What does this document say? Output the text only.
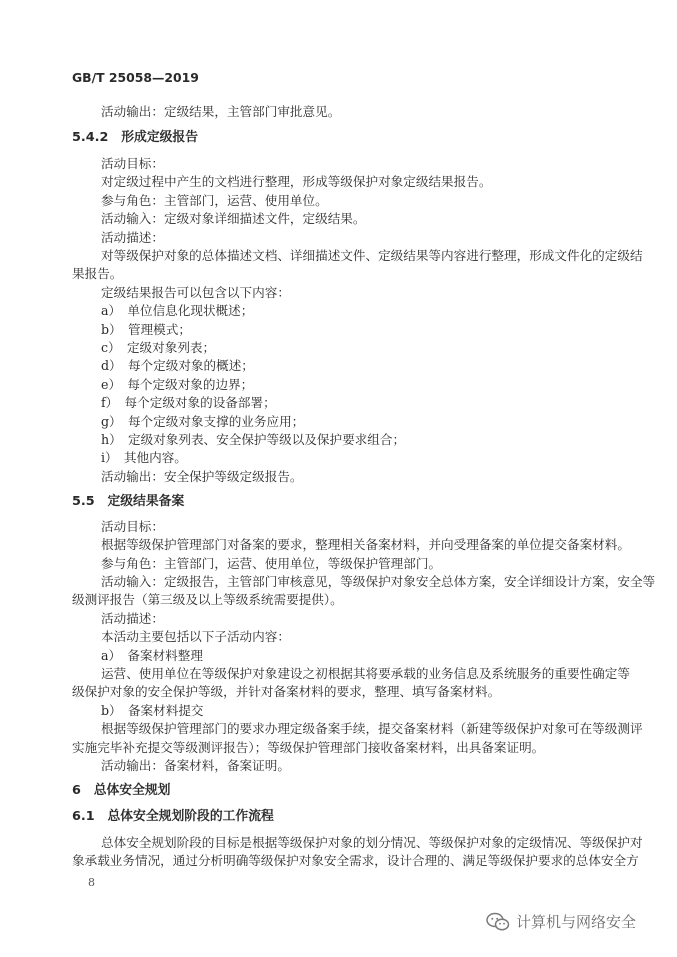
GB/T 25058—2019
活动输出：定级结果，主管部门审批意见。
5.4.2　形成定级报告
活动目标：
对定级过程中产生的文档进行整理，形成等级保护对象定级结果报告。
参与角色：主管部门，运营、使用单位。
活动输入：定级对象详细描述文件，定级结果。
活动描述：
对等级保护对象的总体描述文档、详细描述文件、定级结果等内容进行整理，形成文件化的定级结
果报告。
定级结果报告可以包含以下内容：
a）　单位信息化现状概述；
b）　管理模式；
c）　定级对象列表；
d）　每个定级对象的概述；
e）　每个定级对象的边界；
f）　每个定级对象的设备部署；
g）　每个定级对象支撑的业务应用；
h）　定级对象列表、安全保护等级以及保护要求组合；
i）　其他内容。
活动输出：安全保护等级定级报告。
5.5　定级结果备案
活动目标：
根据等级保护管理部门对备案的要求，整理相关备案材料，并向受理备案的单位提交备案材料。
参与角色：主管部门，运营、使用单位，等级保护管理部门。
活动输入：定级报告，主管部门审核意见，等级保护对象安全总体方案，安全详细设计方案，安全等
级测评报告（第三级及以上等级系统需要提供）。
活动描述：
本活动主要包括以下子活动内容：
a）　备案材料整理
运营、使用单位在等级保护对象建设之初根据其将要承载的业务信息及系统服务的重要性确定等
级保护对象的安全保护等级，并针对备案材料的要求，整理、填写备案材料。
b）　备案材料提交
根据等级保护管理部门的要求办理定级备案手续，提交备案材料（新建等级保护对象可在等级测评
实施完毕补充提交等级测评报告）；等级保护管理部门接收备案材料，出具备案证明。
活动输出：备案材料，备案证明。
6　总体安全规划
6.1　总体安全规划阶段的工作流程
总体安全规划阶段的目标是根据等级保护对象的划分情况、等级保护对象的定级情况、等级保护对
象承载业务情况，通过分析明确等级保护对象安全需求，设计合理的、满足等级保护要求的总体安全方
8
计算机与网络安全
